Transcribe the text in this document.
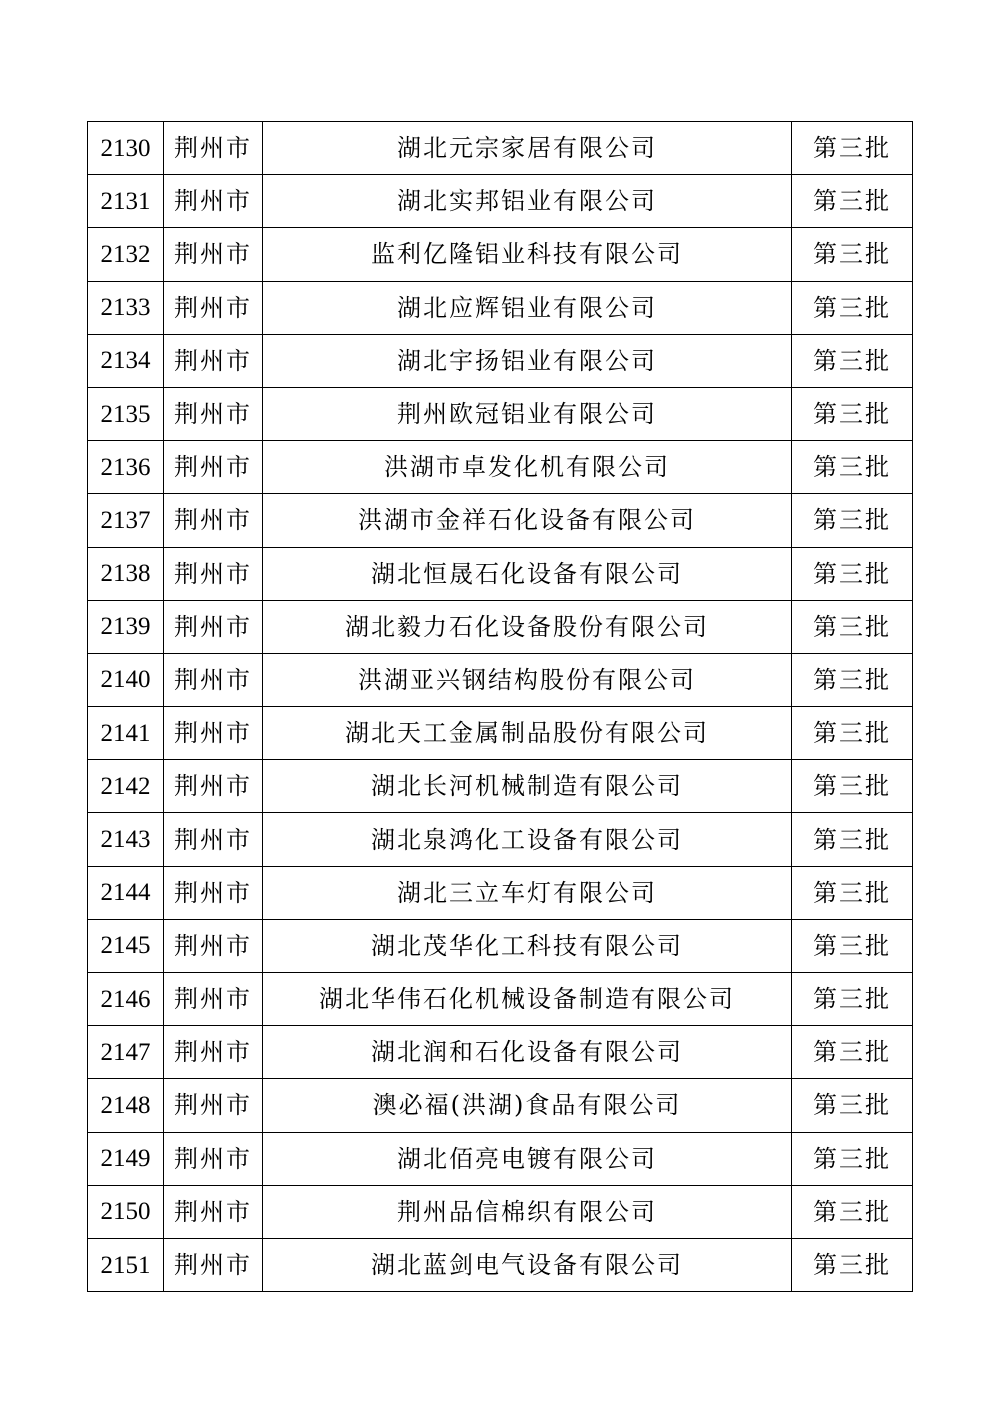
2130	荆州市	湖北元宗家居有限公司	第三批
2131	荆州市	湖北实邦铝业有限公司	第三批
2132	荆州市	监利亿隆铝业科技有限公司	第三批
2133	荆州市	湖北应辉铝业有限公司	第三批
2134	荆州市	湖北宇扬铝业有限公司	第三批
2135	荆州市	荆州欧冠铝业有限公司	第三批
2136	荆州市	洪湖市卓发化机有限公司	第三批
2137	荆州市	洪湖市金祥石化设备有限公司	第三批
2138	荆州市	湖北恒晟石化设备有限公司	第三批
2139	荆州市	湖北毅力石化设备股份有限公司	第三批
2140	荆州市	洪湖亚兴钢结构股份有限公司	第三批
2141	荆州市	湖北天工金属制品股份有限公司	第三批
2142	荆州市	湖北长河机械制造有限公司	第三批
2143	荆州市	湖北泉鸿化工设备有限公司	第三批
2144	荆州市	湖北三立车灯有限公司	第三批
2145	荆州市	湖北茂华化工科技有限公司	第三批
2146	荆州市	湖北华伟石化机械设备制造有限公司	第三批
2147	荆州市	湖北润和石化设备有限公司	第三批
2148	荆州市	澳必福(洪湖)食品有限公司	第三批
2149	荆州市	湖北佰亮电镀有限公司	第三批
2150	荆州市	荆州品信棉织有限公司	第三批
2151	荆州市	湖北蓝剑电气设备有限公司	第三批
